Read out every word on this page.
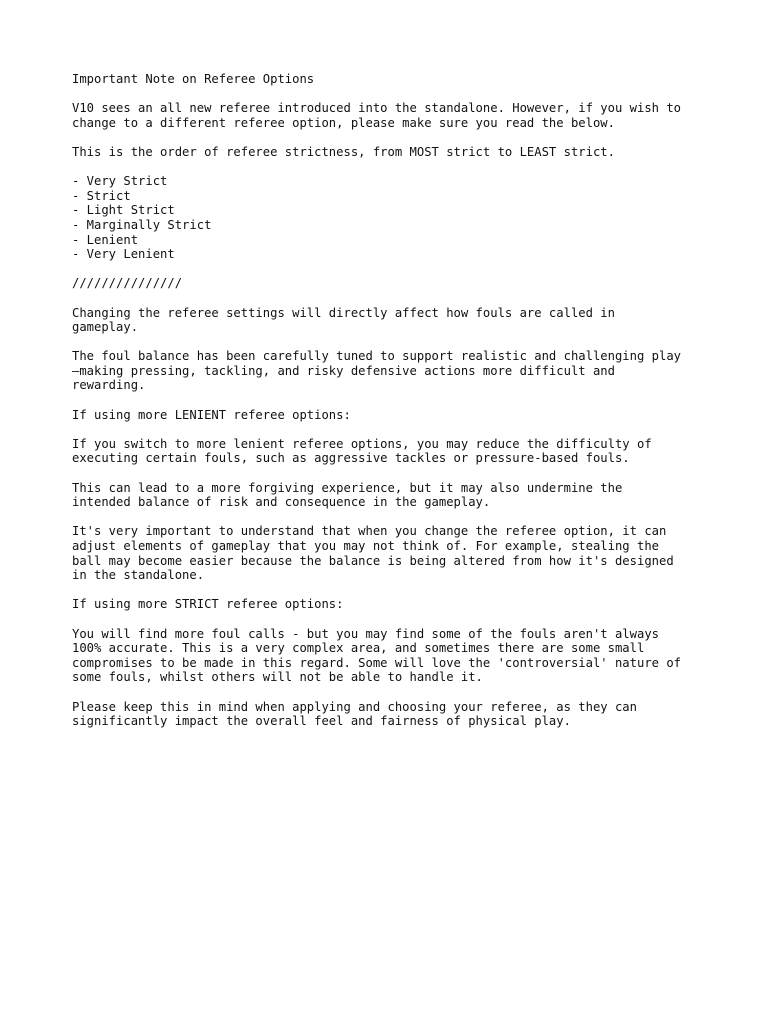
Important Note on Referee Options
V10 sees an all new referee introduced into the standalone. However, if you wish to
change to a different referee option, please make sure you read the below.
This is the order of referee strictness, from MOST strict to LEAST strict.
- Very Strict
- Strict
- Light Strict
- Marginally Strict
- Lenient
- Very Lenient
///////////////
Changing the referee settings will directly affect how fouls are called in
gameplay.
The foul balance has been carefully tuned to support realistic and challenging play
—making pressing, tackling, and risky defensive actions more difficult and
rewarding.
If using more LENIENT referee options:
If you switch to more lenient referee options, you may reduce the difficulty of
executing certain fouls, such as aggressive tackles or pressure-based fouls.
This can lead to a more forgiving experience, but it may also undermine the
intended balance of risk and consequence in the gameplay.
It's very important to understand that when you change the referee option, it can
adjust elements of gameplay that you may not think of. For example, stealing the
ball may become easier because the balance is being altered from how it's designed
in the standalone.
If using more STRICT referee options:
You will find more foul calls - but you may find some of the fouls aren't always
100% accurate. This is a very complex area, and sometimes there are some small
compromises to be made in this regard. Some will love the 'controversial' nature of
some fouls, whilst others will not be able to handle it.
Please keep this in mind when applying and choosing your referee, as they can
significantly impact the overall feel and fairness of physical play.
